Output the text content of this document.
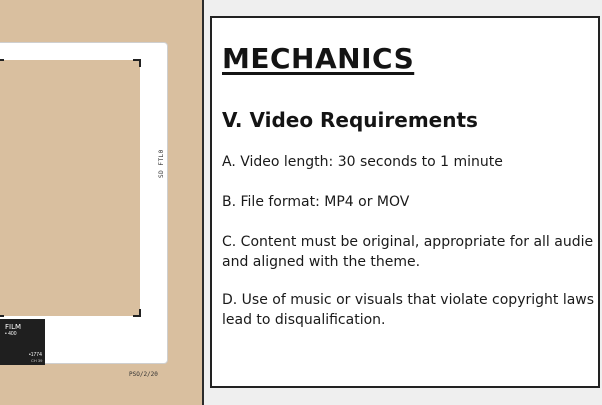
FILM
• 400
•1774
CH 39
PSO/2/20
SD FTL0
MECHANICS
V. Video Requirements
A. Video length: 30 seconds to 1 minute
B. File format: MP4 or MOV
C. Content must be original, appropriate for all audie
and aligned with the theme.
D. Use of music or visuals that violate copyright laws
lead to disqualification.
